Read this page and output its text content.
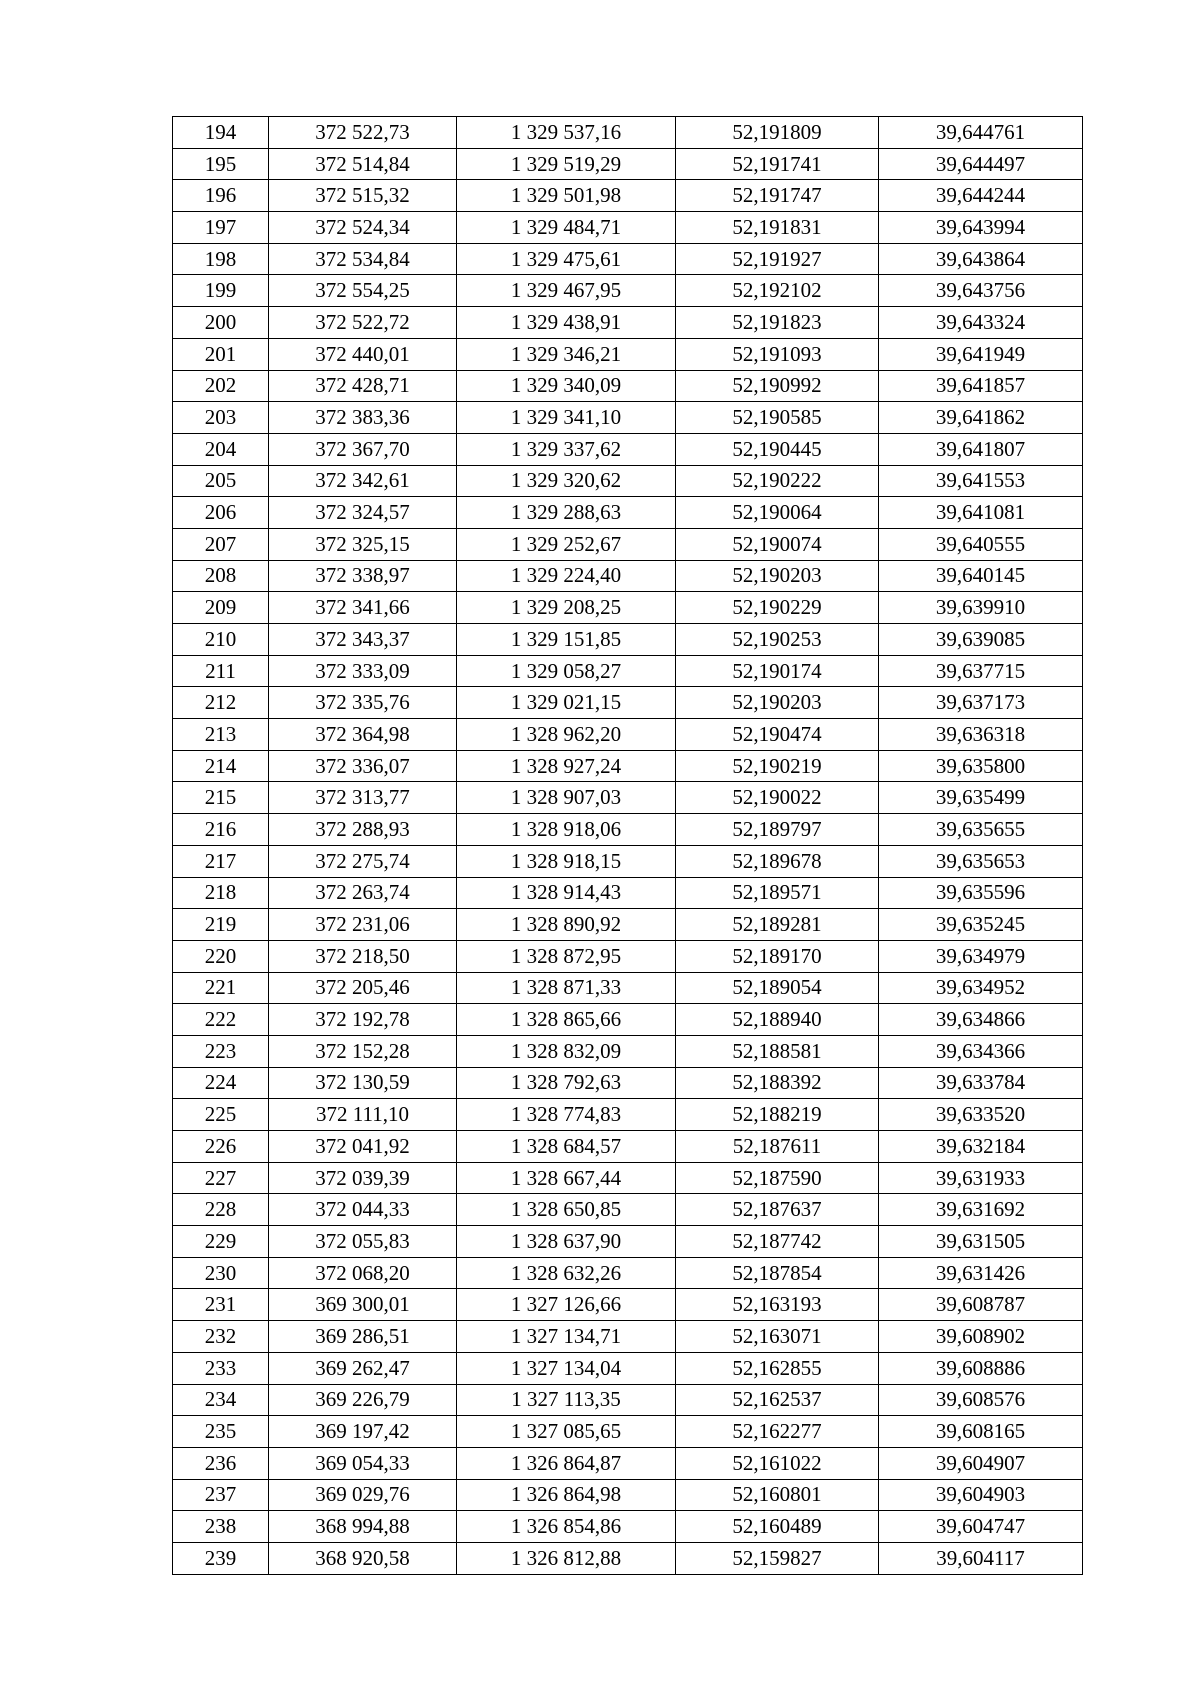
194	372 522,73	1 329 537,16	52,191809	39,644761
195	372 514,84	1 329 519,29	52,191741	39,644497
196	372 515,32	1 329 501,98	52,191747	39,644244
197	372 524,34	1 329 484,71	52,191831	39,643994
198	372 534,84	1 329 475,61	52,191927	39,643864
199	372 554,25	1 329 467,95	52,192102	39,643756
200	372 522,72	1 329 438,91	52,191823	39,643324
201	372 440,01	1 329 346,21	52,191093	39,641949
202	372 428,71	1 329 340,09	52,190992	39,641857
203	372 383,36	1 329 341,10	52,190585	39,641862
204	372 367,70	1 329 337,62	52,190445	39,641807
205	372 342,61	1 329 320,62	52,190222	39,641553
206	372 324,57	1 329 288,63	52,190064	39,641081
207	372 325,15	1 329 252,67	52,190074	39,640555
208	372 338,97	1 329 224,40	52,190203	39,640145
209	372 341,66	1 329 208,25	52,190229	39,639910
210	372 343,37	1 329 151,85	52,190253	39,639085
211	372 333,09	1 329 058,27	52,190174	39,637715
212	372 335,76	1 329 021,15	52,190203	39,637173
213	372 364,98	1 328 962,20	52,190474	39,636318
214	372 336,07	1 328 927,24	52,190219	39,635800
215	372 313,77	1 328 907,03	52,190022	39,635499
216	372 288,93	1 328 918,06	52,189797	39,635655
217	372 275,74	1 328 918,15	52,189678	39,635653
218	372 263,74	1 328 914,43	52,189571	39,635596
219	372 231,06	1 328 890,92	52,189281	39,635245
220	372 218,50	1 328 872,95	52,189170	39,634979
221	372 205,46	1 328 871,33	52,189054	39,634952
222	372 192,78	1 328 865,66	52,188940	39,634866
223	372 152,28	1 328 832,09	52,188581	39,634366
224	372 130,59	1 328 792,63	52,188392	39,633784
225	372 111,10	1 328 774,83	52,188219	39,633520
226	372 041,92	1 328 684,57	52,187611	39,632184
227	372 039,39	1 328 667,44	52,187590	39,631933
228	372 044,33	1 328 650,85	52,187637	39,631692
229	372 055,83	1 328 637,90	52,187742	39,631505
230	372 068,20	1 328 632,26	52,187854	39,631426
231	369 300,01	1 327 126,66	52,163193	39,608787
232	369 286,51	1 327 134,71	52,163071	39,608902
233	369 262,47	1 327 134,04	52,162855	39,608886
234	369 226,79	1 327 113,35	52,162537	39,608576
235	369 197,42	1 327 085,65	52,162277	39,608165
236	369 054,33	1 326 864,87	52,161022	39,604907
237	369 029,76	1 326 864,98	52,160801	39,604903
238	368 994,88	1 326 854,86	52,160489	39,604747
239	368 920,58	1 326 812,88	52,159827	39,604117
